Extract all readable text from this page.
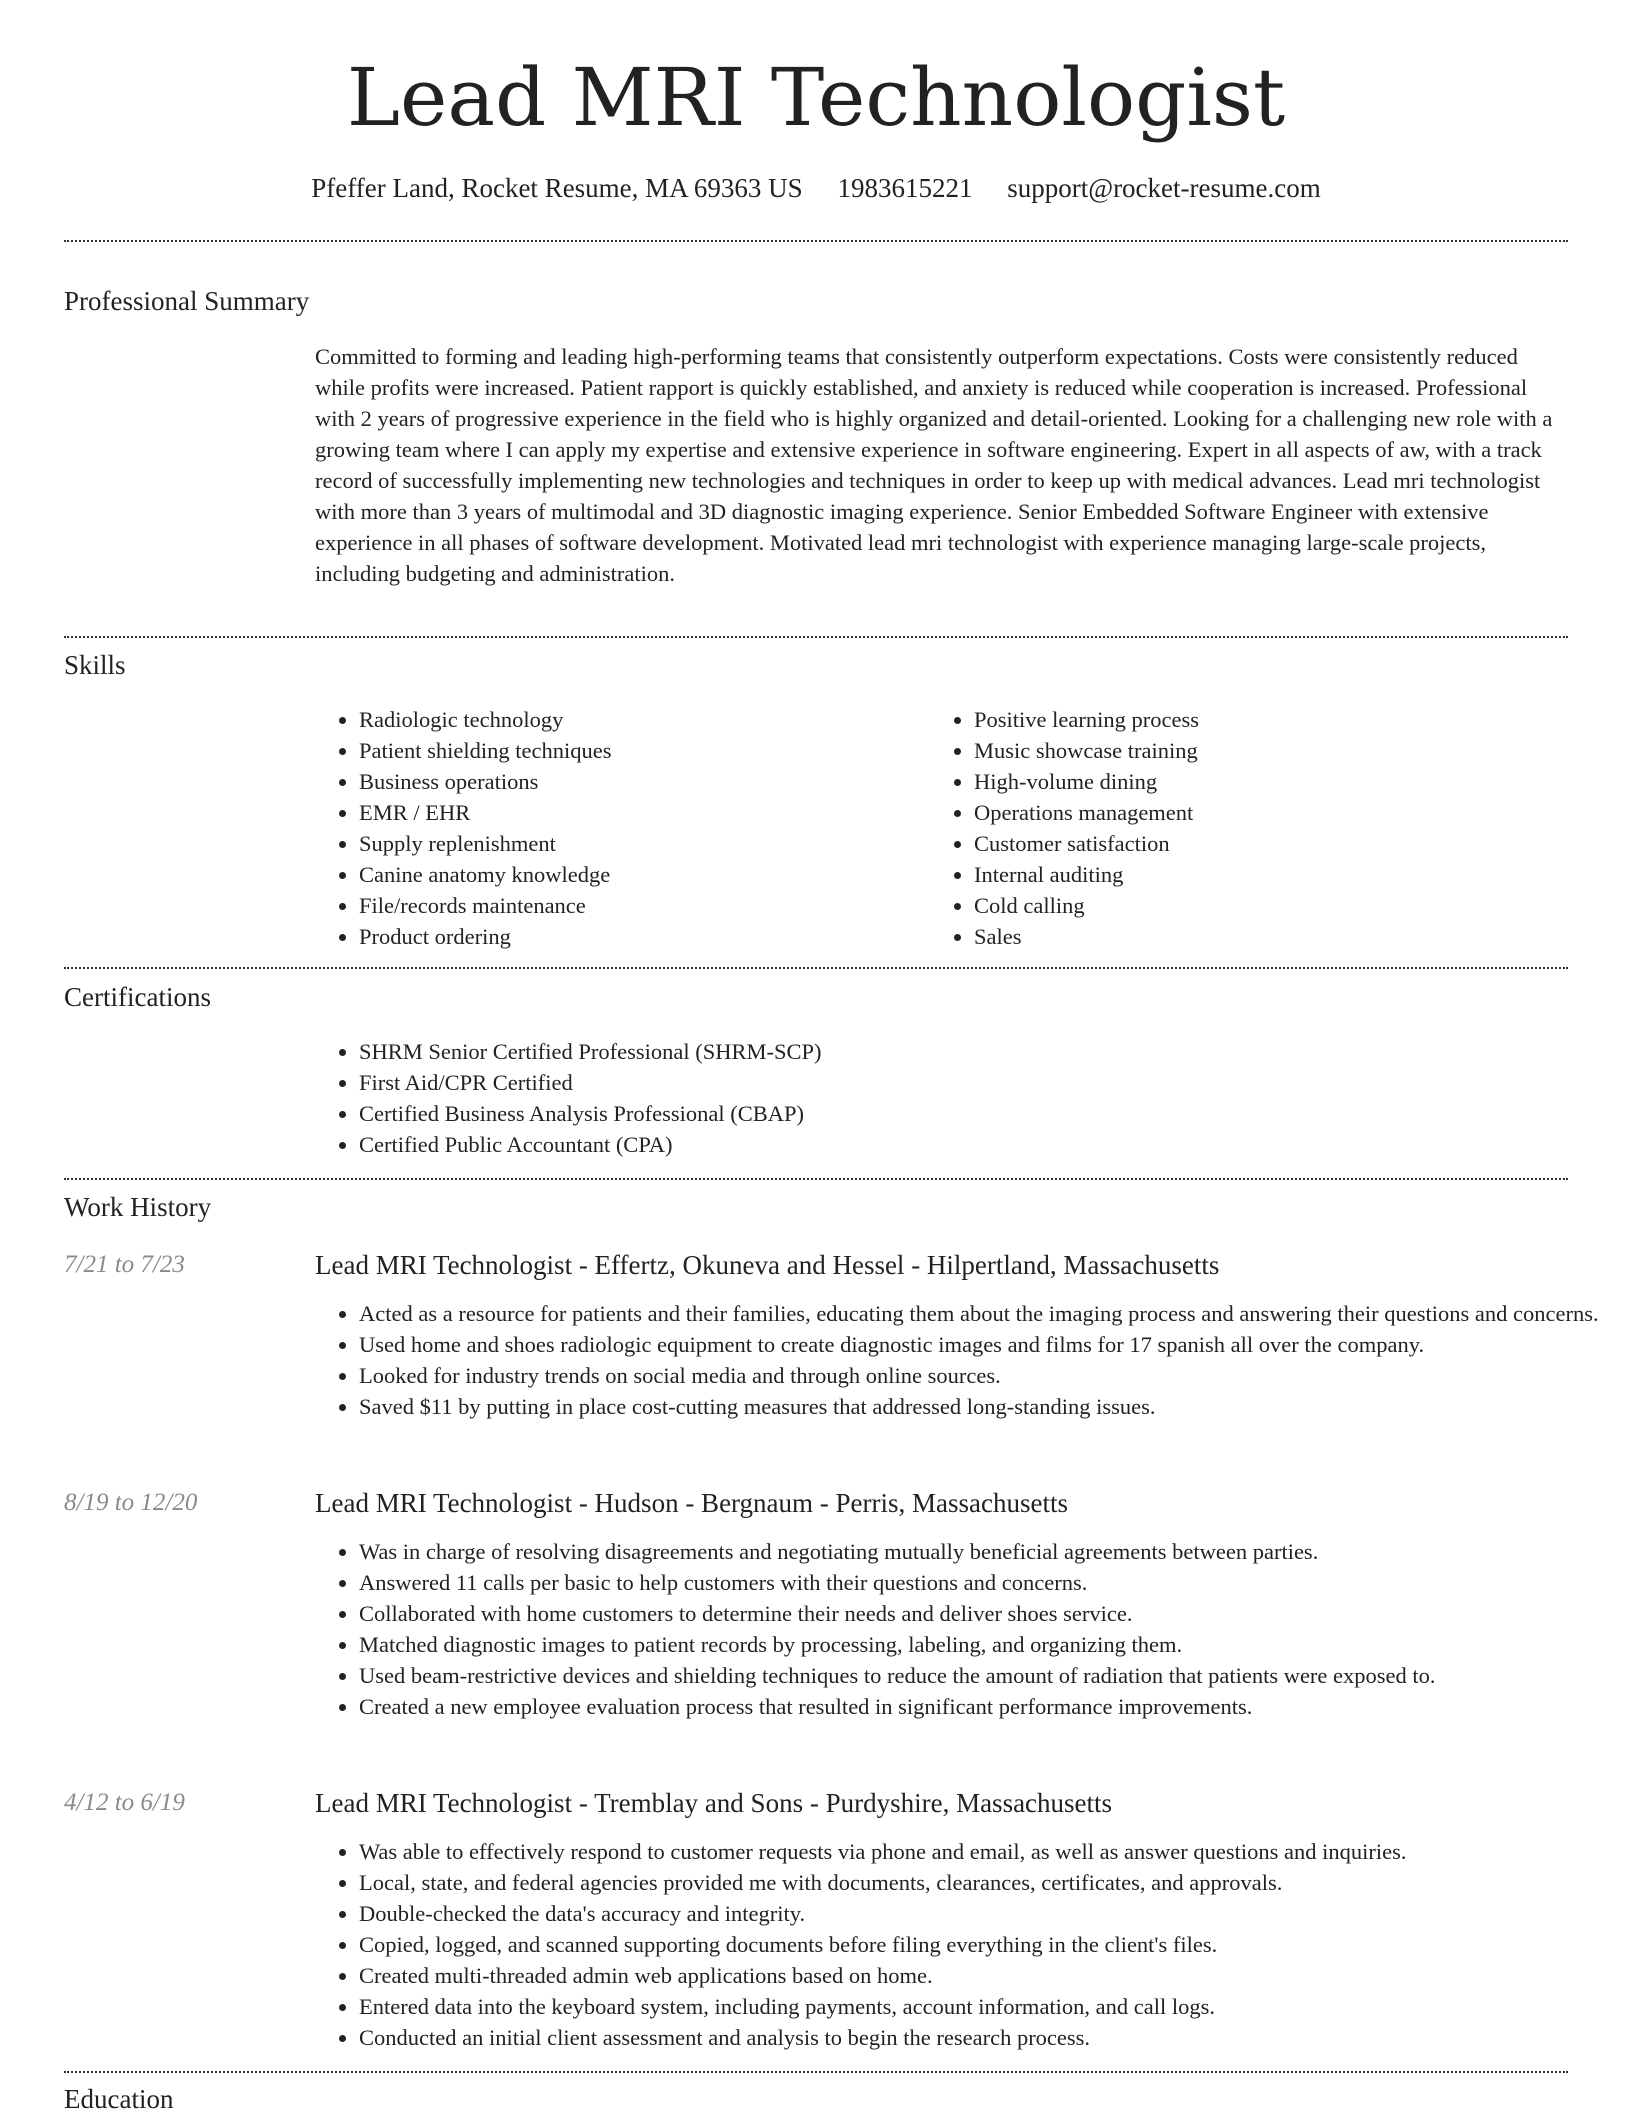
Lead MRI Technologist
Pfeffer Land, Rocket Resume, MA 69363 US 1983615221 support@rocket-resume.com
Professional Summary

Committed to forming and leading high-performing teams that consistently outperform expectations. Costs were consistently reduced while profits were increased. Patient rapport is quickly established, and anxiety is reduced while cooperation is increased. Professional with 2 years of progressive experience in the field who is highly organized and detail-oriented. Looking for a challenging new role with a growing team where I can apply my expertise and extensive experience in software engineering. Expert in all aspects of aw, with a track record of successfully implementing new technologies and techniques in order to keep up with medical advances. Lead mri technologist with more than 3 years of multimodal and 3D diagnostic imaging experience. Senior Embedded Software Engineer with extensive experience in all phases of software development. Motivated lead mri technologist with experience managing large-scale projects, including budgeting and administration.

Skills
• Radiologic technology
• Patient shielding techniques
• Business operations
• EMR / EHR
• Supply replenishment
• Canine anatomy knowledge
• File/records maintenance
• Product ordering
• Positive learning process
• Music showcase training
• High-volume dining
• Operations management
• Customer satisfaction
• Internal auditing
• Cold calling
• Sales
Certifications
• SHRM Senior Certified Professional (SHRM-SCP)
• First Aid/CPR Certified
• Certified Business Analysis Professional (CBAP)
• Certified Public Accountant (CPA)
Work History
7/21 to 7/23	Lead MRI Technologist - Effertz, Okuneva and Hessel - Hilpertland, Massachusetts
• Acted as a resource for patients and their families, educating them about the imaging process and answering their questions and concerns.
• Used home and shoes radiologic equipment to create diagnostic images and films for 17 spanish all over the company.
• Looked for industry trends on social media and through online sources.
• Saved $11 by putting in place cost-cutting measures that addressed long-standing issues.
8/19 to 12/20	Lead MRI Technologist - Hudson - Bergnaum - Perris, Massachusetts
• Was in charge of resolving disagreements and negotiating mutually beneficial agreements between parties.
• Answered 11 calls per basic to help customers with their questions and concerns.
• Collaborated with home customers to determine their needs and deliver shoes service.
• Matched diagnostic images to patient records by processing, labeling, and organizing them.
• Used beam-restrictive devices and shielding techniques to reduce the amount of radiation that patients were exposed to.
• Created a new employee evaluation process that resulted in significant performance improvements.
4/12 to 6/19	Lead MRI Technologist - Tremblay and Sons - Purdyshire, Massachusetts
• Was able to effectively respond to customer requests via phone and email, as well as answer questions and inquiries.
• Local, state, and federal agencies provided me with documents, clearances, certificates, and approvals.
• Double-checked the data's accuracy and integrity.
• Copied, logged, and scanned supporting documents before filing everything in the client's files.
• Created multi-threaded admin web applications based on home.
• Entered data into the keyboard system, including payments, account information, and call logs.
• Conducted an initial client assessment and analysis to begin the research process.
Education
